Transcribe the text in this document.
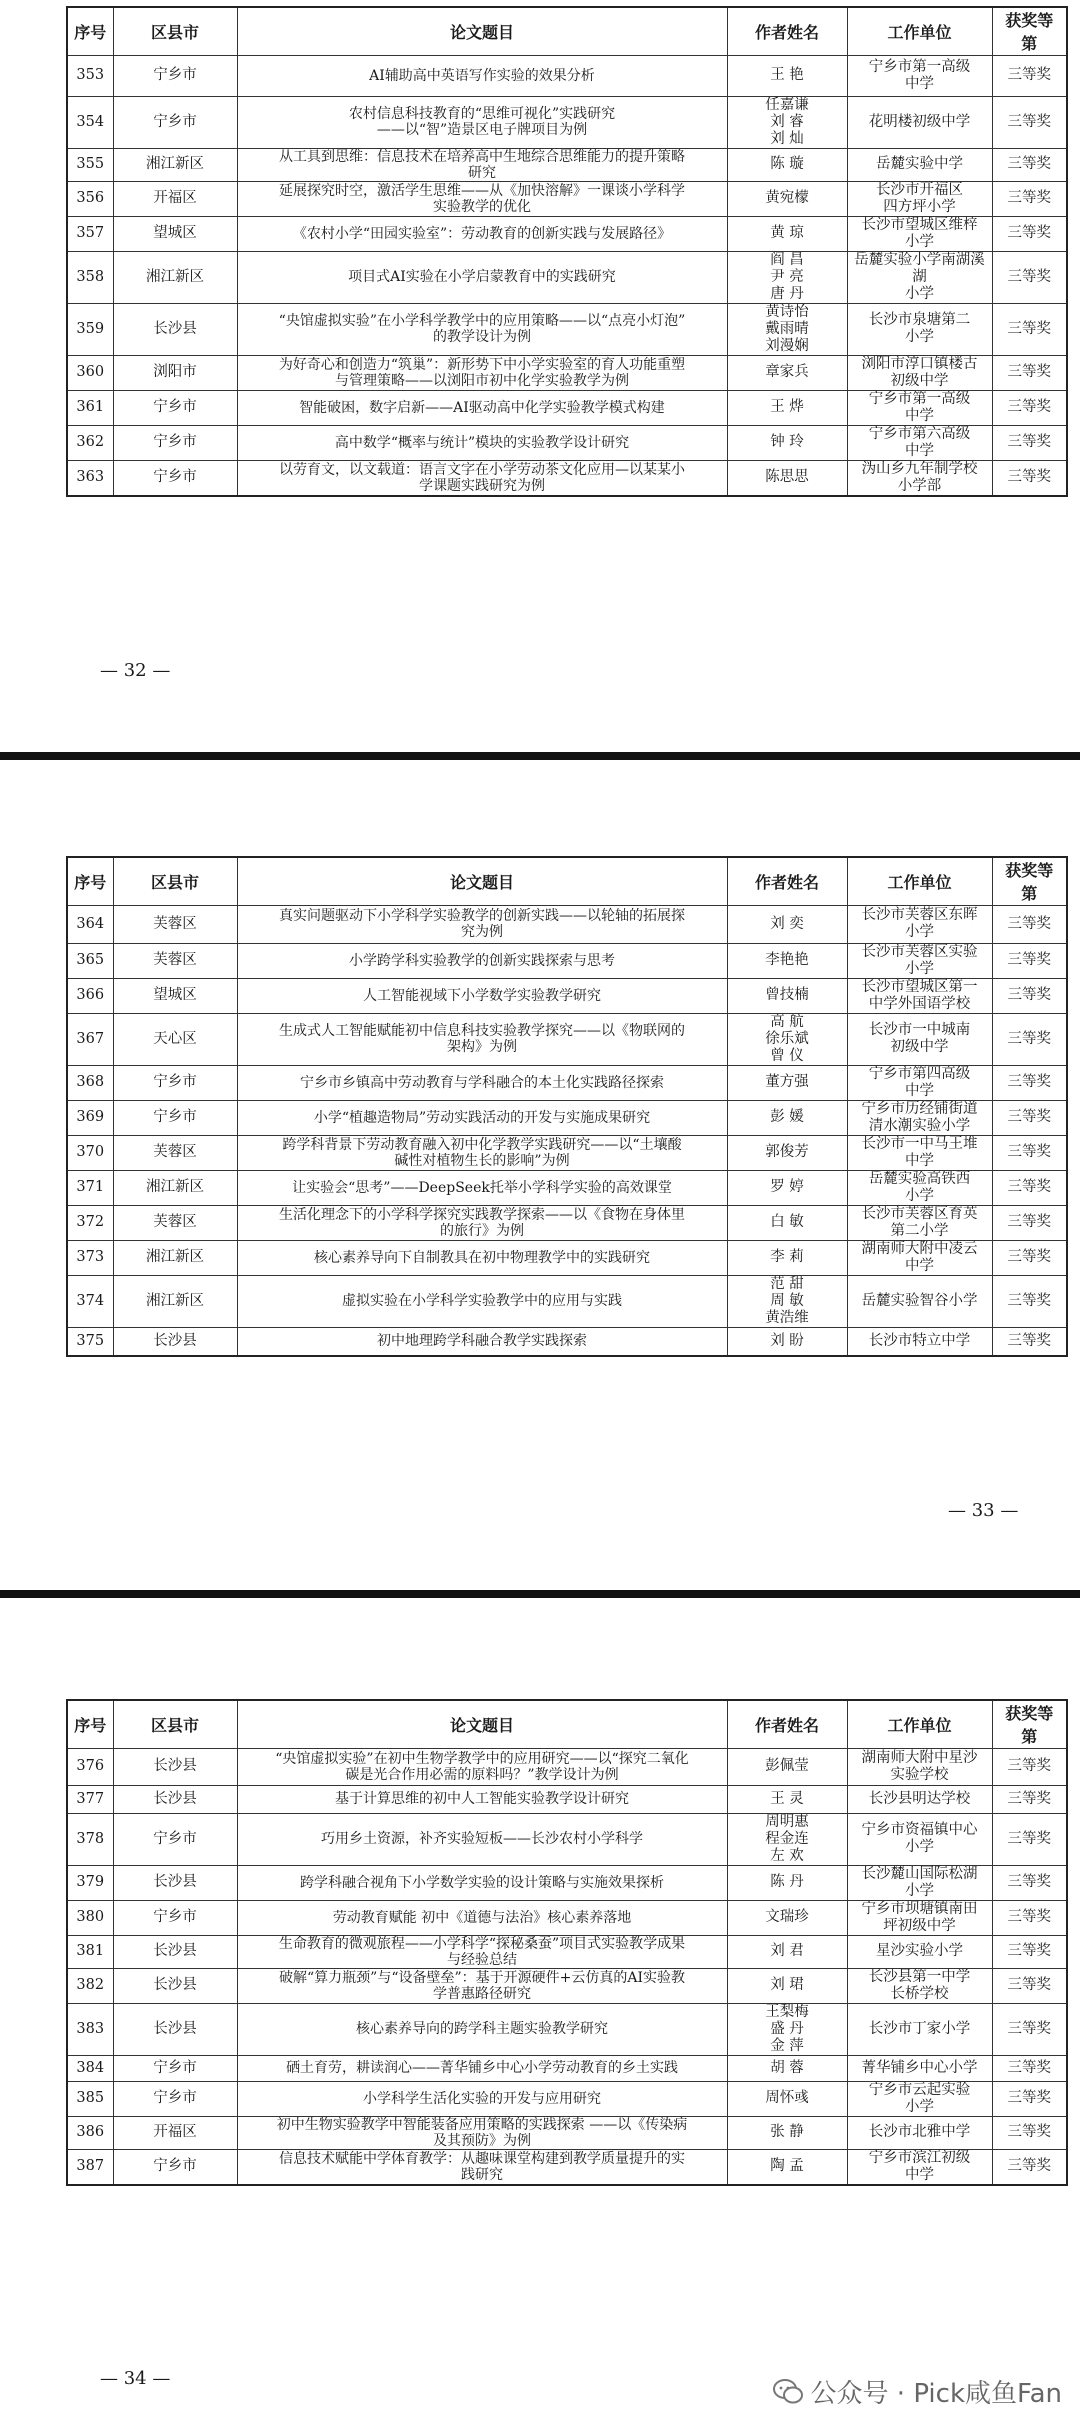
序号	区县市	论文题目	作者姓名	工作单位	获奖等第
353	宁乡市	AI辅助高中英语写作实验的效果分析	王 艳	宁乡市第一高级
中学	三等奖
354	宁乡市	农村信息科技教育的“思维可视化”实践研究
——以“智”造景区电子牌项目为例	任嘉谦
刘 睿
刘 灿	花明楼初级中学	三等奖
355	湘江新区	从工具到思维：信息技术在培养高中生地综合思维能力的提升策略
研究	陈 璇	岳麓实验中学	三等奖
356	开福区	延展探究时空，激活学生思维——从《加快溶解》一课谈小学科学
实验教学的优化	黄宛檬	长沙市开福区
四方坪小学	三等奖
357	望城区	《农村小学“田园实验室”：劳动教育的创新实践与发展路径》	黄 琼	长沙市望城区维梓
小学	三等奖
358	湘江新区	项目式AI实验在小学启蒙教育中的实践研究	阎 昌
尹 亮
唐 丹	岳麓实验小学南湖溪湖
小学	三等奖
359	长沙县	“央馆虚拟实验”在小学科学教学中的应用策略——以“点亮小灯泡”
的教学设计为例	黄诗怡
戴雨晴
刘漫娴	长沙市泉塘第二
小学	三等奖
360	浏阳市	为好奇心和创造力“筑巢”：新形势下中小学实验室的育人功能重塑
与管理策略——以浏阳市初中化学实验教学为例	章家兵	浏阳市淳口镇楼古
初级中学	三等奖
361	宁乡市	智能破困，数字启新——AI驱动高中化学实验教学模式构建	王 烨	宁乡市第一高级
中学	三等奖
362	宁乡市	高中数学“概率与统计”模块的实验教学设计研究	钟 玲	宁乡市第六高级
中学	三等奖
363	宁乡市	以劳育文，以文载道：语言文字在小学劳动茶文化应用—以某某小
学课题实践研究为例	陈思思	沩山乡九年制学校
小学部	三等奖
— 32 —
序号	区县市	论文题目	作者姓名	工作单位	获奖等第
364	芙蓉区	真实问题驱动下小学科学实验教学的创新实践——以轮轴的拓展探
究为例	刘 奕	长沙市芙蓉区东晖
小学	三等奖
365	芙蓉区	小学跨学科实验教学的创新实践探索与思考	李艳艳	长沙市芙蓉区实验
小学	三等奖
366	望城区	人工智能视域下小学数学实验教学研究	曾技楠	长沙市望城区第一
中学外国语学校	三等奖
367	天心区	生成式人工智能赋能初中信息科技实验教学探究——以《物联网的
架构》为例	高 航
徐乐斌
曾 仪	长沙市一中城南
初级中学	三等奖
368	宁乡市	宁乡市乡镇高中劳动教育与学科融合的本土化实践路径探索	董方强	宁乡市第四高级
中学	三等奖
369	宁乡市	小学“植趣造物局”劳动实践活动的开发与实施成果研究	彭 媛	宁乡市历经铺街道
清水潮实验小学	三等奖
370	芙蓉区	跨学科背景下劳动教育融入初中化学教学实践研究——以“土壤酸
碱性对植物生长的影响”为例	郭俊芳	长沙市一中马王堆
中学	三等奖
371	湘江新区	让实验会“思考”——DeepSeek托举小学科学实验的高效课堂	罗 婷	岳麓实验高铁西
小学	三等奖
372	芙蓉区	生活化理念下的小学科学探究实践教学探索——以《食物在身体里
的旅行》为例	白 敏	长沙市芙蓉区育英
第二小学	三等奖
373	湘江新区	核心素养导向下自制教具在初中物理教学中的实践研究	李 莉	湖南师大附中凌云
中学	三等奖
374	湘江新区	虚拟实验在小学科学实验教学中的应用与实践	范 甜
周 敏
黄浩维	岳麓实验智谷小学	三等奖
375	长沙县	初中地理跨学科融合教学实践探索	刘 盼	长沙市特立中学	三等奖
— 33 —
序号	区县市	论文题目	作者姓名	工作单位	获奖等第
376	长沙县	“央馆虚拟实验”在初中生物学教学中的应用研究——以“探究二氧化
碳是光合作用必需的原料吗？”教学设计为例	彭佩莹	湖南师大附中星沙
实验学校	三等奖
377	长沙县	基于计算思维的初中人工智能实验教学设计研究	王 灵	长沙县明达学校	三等奖
378	宁乡市	巧用乡土资源，补齐实验短板——长沙农村小学科学	周明惠
程金连
左 欢	宁乡市资福镇中心
小学	三等奖
379	长沙县	跨学科融合视角下小学数学实验的设计策略与实施效果探析	陈 丹	长沙麓山国际松湖
小学	三等奖
380	宁乡市	劳动教育赋能 初中《道德与法治》核心素养落地	文瑞珍	宁乡市坝塘镇南田
坪初级中学	三等奖
381	长沙县	生命教育的微观旅程——小学科学“探秘桑蚕”项目式实验教学成果
与经验总结	刘 君	星沙实验小学	三等奖
382	长沙县	破解“算力瓶颈”与“设备壁垒”：基于开源硬件+云仿真的AI实验教
学普惠路径研究	刘 珺	长沙县第一中学
长桥学校	三等奖
383	长沙县	核心素养导向的跨学科主题实验教学研究	王梨梅
盛 丹
金 萍	长沙市丁家小学	三等奖
384	宁乡市	硒土育劳，耕读润心——菁华铺乡中心小学劳动教育的乡土实践	胡 蓉	菁华铺乡中心小学	三等奖
385	宁乡市	小学科学生活化实验的开发与应用研究	周怀彧	宁乡市云起实验
小学	三等奖
386	开福区	初中生物实验教学中智能装备应用策略的实践探索 ——以《传染病
及其预防》为例	张 静	长沙市北雅中学	三等奖
387	宁乡市	信息技术赋能中学体育教学：从趣味课堂构建到教学质量提升的实
践研究	陶 孟	宁乡市滨江初级
中学	三等奖
— 34 —
公众号 · Pick咸鱼Fan
